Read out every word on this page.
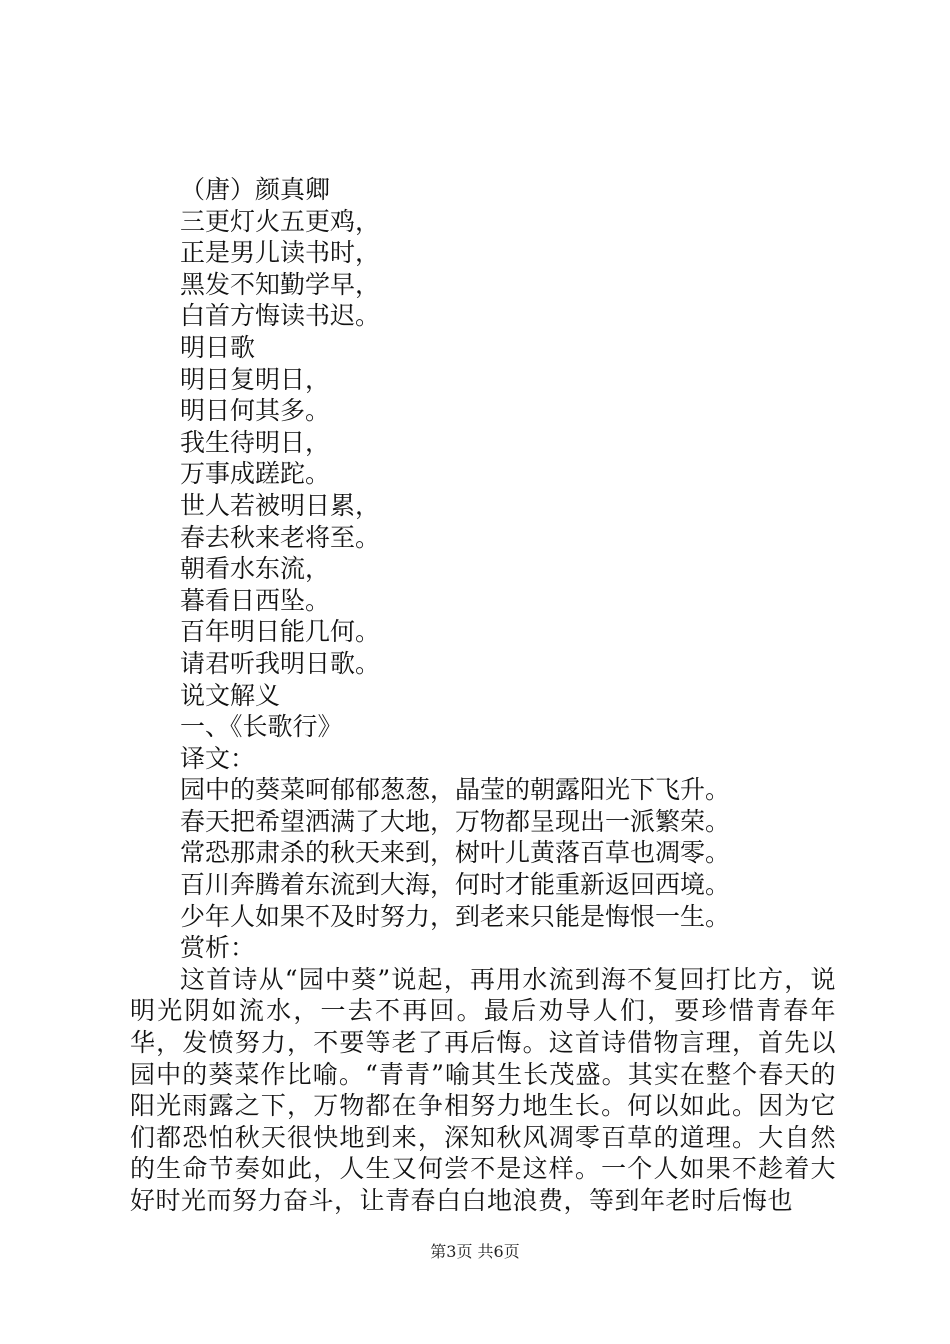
（唐）颜真卿
三更灯火五更鸡，
正是男儿读书时，
黑发不知勤学早，
白首方悔读书迟。
明日歌
明日复明日，
明日何其多。
我生待明日，
万事成蹉跎。
世人若被明日累，
春去秋来老将至。
朝看水东流，
暮看日西坠。
百年明日能几何。
请君听我明日歌。
说文解义
一、《长歌行》
译文：
园中的葵菜呵郁郁葱葱，晶莹的朝露阳光下飞升。
春天把希望洒满了大地，万物都呈现出一派繁荣。
常恐那肃杀的秋天来到，树叶儿黄落百草也凋零。
百川奔腾着东流到大海，何时才能重新返回西境。
少年人如果不及时努力，到老来只能是悔恨一生。
赏析：

这首诗从“园中葵”说起，再用水流到海不复回打比方，说明光阴如流水，一去不再回。最后劝导人们，要珍惜青春年华，发愤努力，不要等老了再后悔。这首诗借物言理，首先以园中的葵菜作比喻。“青青”喻其生长茂盛。其实在整个春天的阳光雨露之下，万物都在争相努力地生长。何以如此。因为它们都恐怕秋天很快地到来，深知秋风凋零百草的道理。大自然的生命节奏如此，人生又何尝不是这样。一个人如果不趁着大好时光而努力奋斗，让青春白白地浪费，等到年老时后悔也

第3页 共6页
